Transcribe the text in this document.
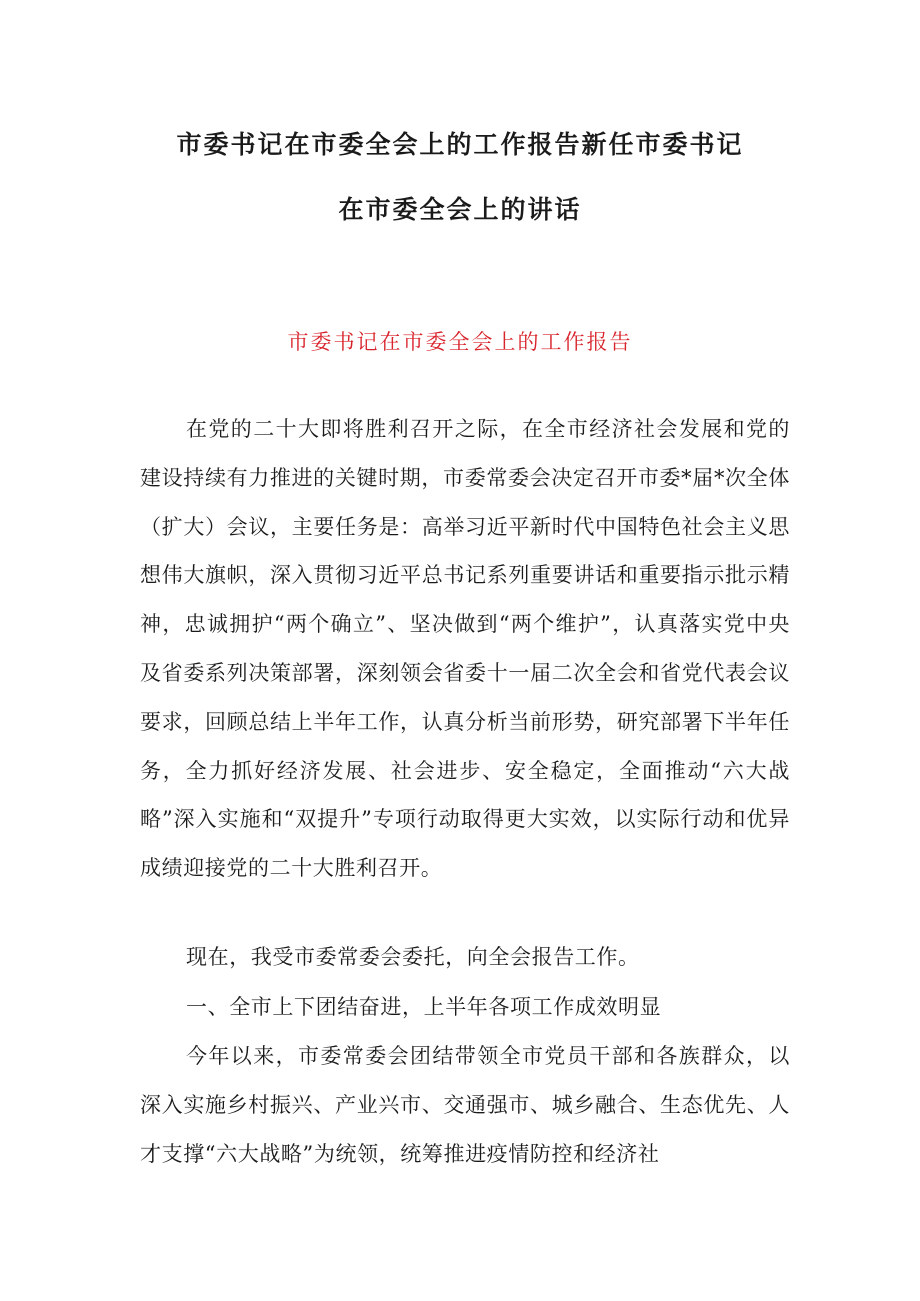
市委书记在市委全会上的工作报告新任市委书记
在市委全会上的讲话
市委书记在市委全会上的工作报告
在党的二十大即将胜利召开之际，在全市经济社会发展和党的建设持续有力推进的关键时期，市委常委会决定召开市委*届*次全体（扩大）会议，主要任务是：高举习近平新时代中国特色社会主义思想伟大旗帜，深入贯彻习近平总书记系列重要讲话和重要指示批示精神，忠诚拥护“两个确立”、坚决做到“两个维护”，认真落实党中央及省委系列决策部署，深刻领会省委十一届二次全会和省党代表会议要求，回顾总结上半年工作，认真分析当前形势，研究部署下半年任务，全力抓好经济发展、社会进步、安全稳定，全面推动“六大战略”深入实施和“双提升”专项行动取得更大实效，以实际行动和优异成绩迎接党的二十大胜利召开。
现在，我受市委常委会委托，向全会报告工作。
一、全市上下团结奋进，上半年各项工作成效明显
今年以来，市委常委会团结带领全市党员干部和各族群众，以深入实施乡村振兴、产业兴市、交通强市、城乡融合、生态优先、人才支撑“六大战略”为统领，统筹推进疫情防控和经济社
